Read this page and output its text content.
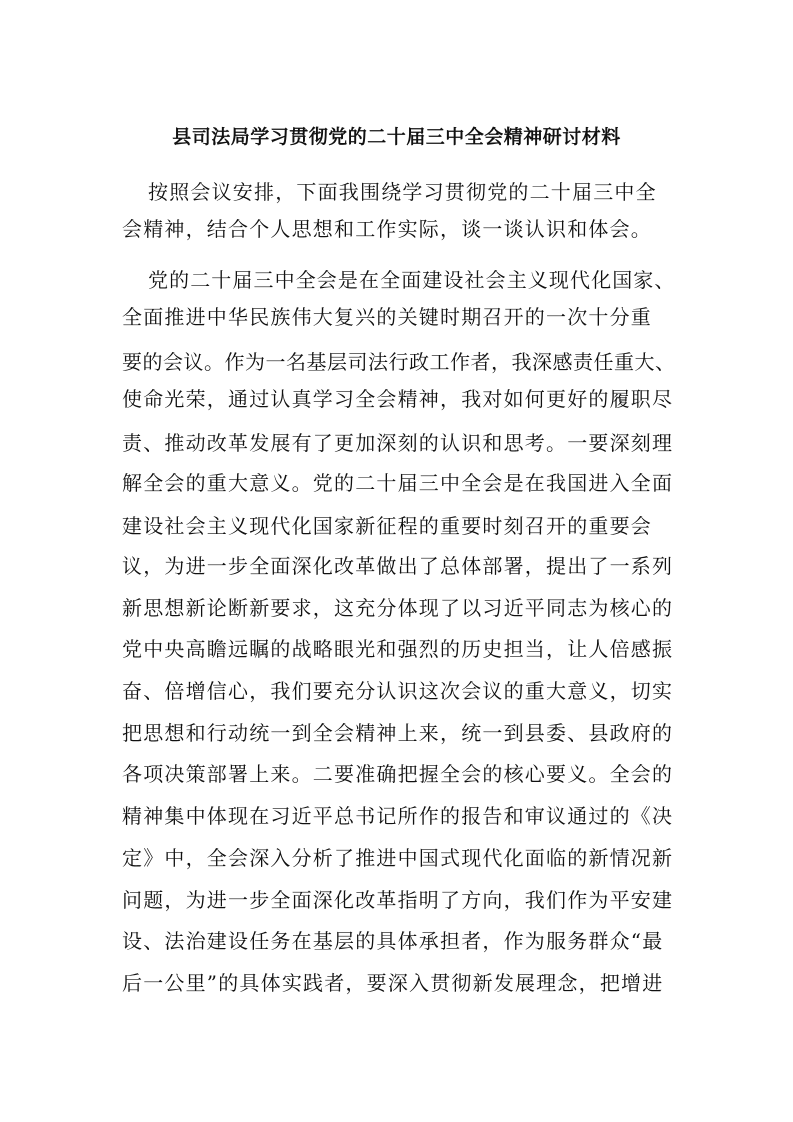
县司法局学习贯彻党的二十届三中全会精神研讨材料
按照会议安排，下面我围绕学习贯彻党的二十届三中全
会精神，结合个人思想和工作实际，谈一谈认识和体会。
党的二十届三中全会是在全面建设社会主义现代化国家、
全面推进中华民族伟大复兴的关键时期召开的一次十分重
要的会议。作为一名基层司法行政工作者，我深感责任重大、
使命光荣，通过认真学习全会精神，我对如何更好的履职尽
责、推动改革发展有了更加深刻的认识和思考。一要深刻理
解全会的重大意义。党的二十届三中全会是在我国进入全面
建设社会主义现代化国家新征程的重要时刻召开的重要会
议，为进一步全面深化改革做出了总体部署，提出了一系列
新思想新论断新要求，这充分体现了以习近平同志为核心的
党中央高瞻远瞩的战略眼光和强烈的历史担当，让人倍感振
奋、倍增信心，我们要充分认识这次会议的重大意义，切实
把思想和行动统一到全会精神上来，统一到县委、县政府的
各项决策部署上来。二要准确把握全会的核心要义。全会的
精神集中体现在习近平总书记所作的报告和审议通过的《决
定》中，全会深入分析了推进中国式现代化面临的新情况新
问题，为进一步全面深化改革指明了方向，我们作为平安建
设、法治建设任务在基层的具体承担者，作为服务群众“最
后一公里”的具体实践者，要深入贯彻新发展理念，把增进
